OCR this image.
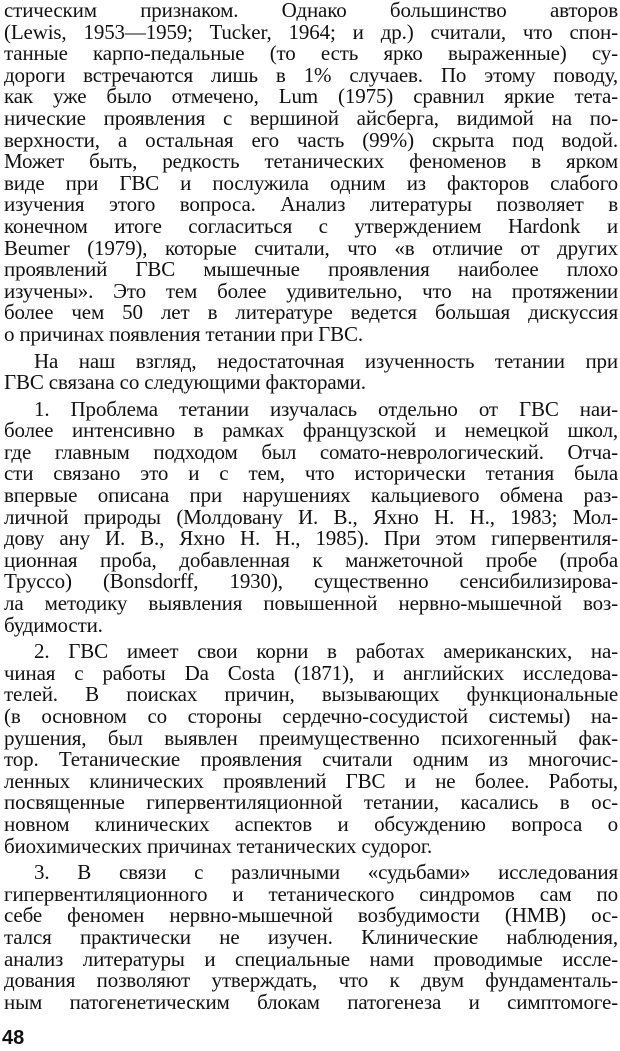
стическим признаком. Однако большинство авторов
(Lewis, 1953—1959; Tucker, 1964; и др.) считали, что спон-
танные карпо-педальные (то есть ярко выраженные) су-
дороги встречаются лишь в 1% случаев. По этому поводу,
как уже было отмечено, Lum (1975) сравнил яркие тета-
нические проявления с вершиной айсберга, видимой на по-
верхности, а остальная его часть (99%) скрыта под водой.
Может быть, редкость тетанических феноменов в ярком
виде при ГВС и послужила одним из факторов слабого
изучения этого вопроса. Анализ литературы позволяет в
конечном итоге согласиться с утверждением Hardonk и
Beumer (1979), которые считали, что «в отличие от других
проявлений ГВС мышечные проявления наиболее плохо
изучены». Это тем более удивительно, что на протяжении
более чем 50 лет в литературе ведется большая дискуссия
о причинах появления тетании при ГВС.
На наш взгляд, недостаточная изученность тетании при
ГВС связана со следующими факторами.
1. Проблема тетании изучалась отдельно от ГВС наи-
более интенсивно в рамках французской и немецкой школ,
где главным подходом был сомато-неврологический. Отча-
сти связано это и с тем, что исторически тетания была
впервые описана при нарушениях кальциевого обмена раз-
личной природы (Молдовану И. В., Яхно Н. Н., 1983; Мол-
дову ану И. В., Яхно Н. Н., 1985). При этом гипервентиля-
ционная проба, добавленная к манжеточной пробе (проба
Труссо) (Bonsdorff, 1930), существенно сенсибилизирова-
ла методику выявления повышенной нервно-мышечной воз-
будимости.
2. ГВС имеет свои корни в работах американских, на-
чиная с работы Da Costa (1871), и английских исследова-
телей. В поисках причин, вызывающих функциональные
(в основном со стороны сердечно-сосудистой системы) на-
рушения, был выявлен преимущественно психогенный фак-
тор. Тетанические проявления считали одним из многочис-
ленных клинических проявлений ГВС и не более. Работы,
посвященные гипервентиляционной тетании, касались в ос-
новном клинических аспектов и обсуждению вопроса о
биохимических причинах тетанических судорог.
3. В связи с различными «судьбами» исследования
гипервентиляционного и тетанического синдромов сам по
себе феномен нервно-мышечной возбудимости (НМВ) ос-
тался практически не изучен. Клинические наблюдения,
анализ литературы и специальные нами проводимые иссле-
дования позволяют утверждать, что к двум фундаменталь-
ным патогенетическим блокам патогенеза и симптомоге-
48
